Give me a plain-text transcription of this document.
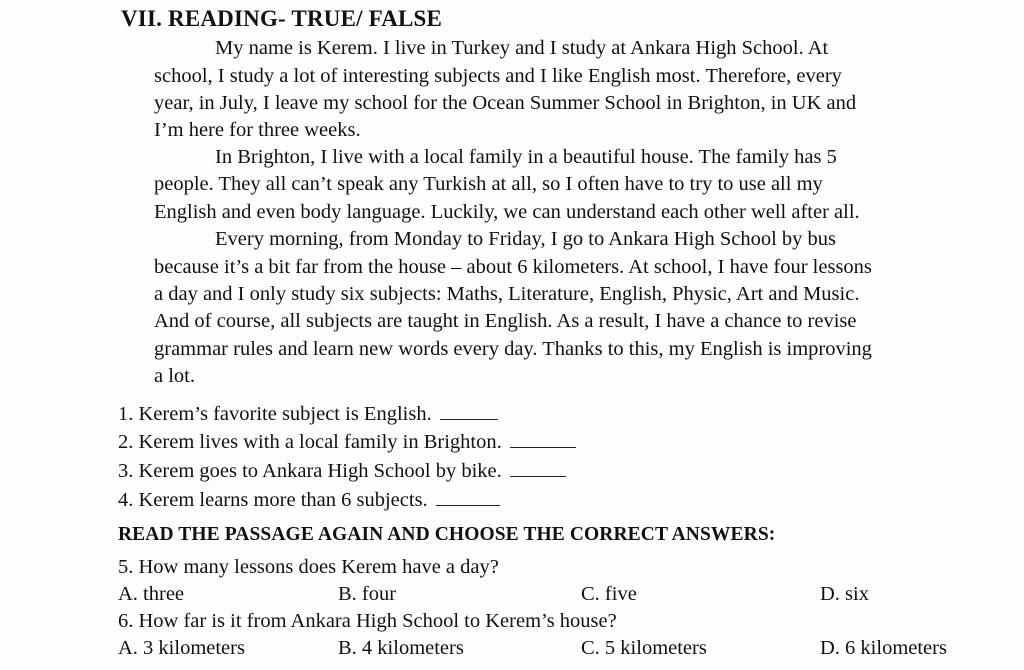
VII. READING- TRUE/ FALSE
My name is Kerem. I live in Turkey and I study at Ankara High School. At
school, I study a lot of interesting subjects and I like English most. Therefore, every
year, in July, I leave my school for the Ocean Summer School in Brighton, in UK and
I’m here for three weeks.
In Brighton, I live with a local family in a beautiful house. The family has 5
people. They all can’t speak any Turkish at all, so I often have to try to use all my
English and even body language. Luckily, we can understand each other well after all.
Every morning, from Monday to Friday, I go to Ankara High School by bus
because it’s a bit far from the house – about 6 kilometers. At school, I have four lessons
a day and I only study six subjects: Maths, Literature, English, Physic, Art and Music.
And of course, all subjects are taught in English. As a result, I have a chance to revise
grammar rules and learn new words every day. Thanks to this, my English is improving
a lot.
1. Kerem’s favorite subject is English.
2. Kerem lives with a local family in Brighton.
3. Kerem goes to Ankara High School by bike.
4. Kerem learns more than 6 subjects.
READ THE PASSAGE AGAIN AND CHOOSE THE CORRECT ANSWERS:
5. How many lessons does Kerem have a day?
A. three	B. four	C. five	D. six
6. How far is it from Ankara High School to Kerem’s house?
A. 3 kilometers	B. 4 kilometers	C. 5 kilometers	D. 6 kilometers
